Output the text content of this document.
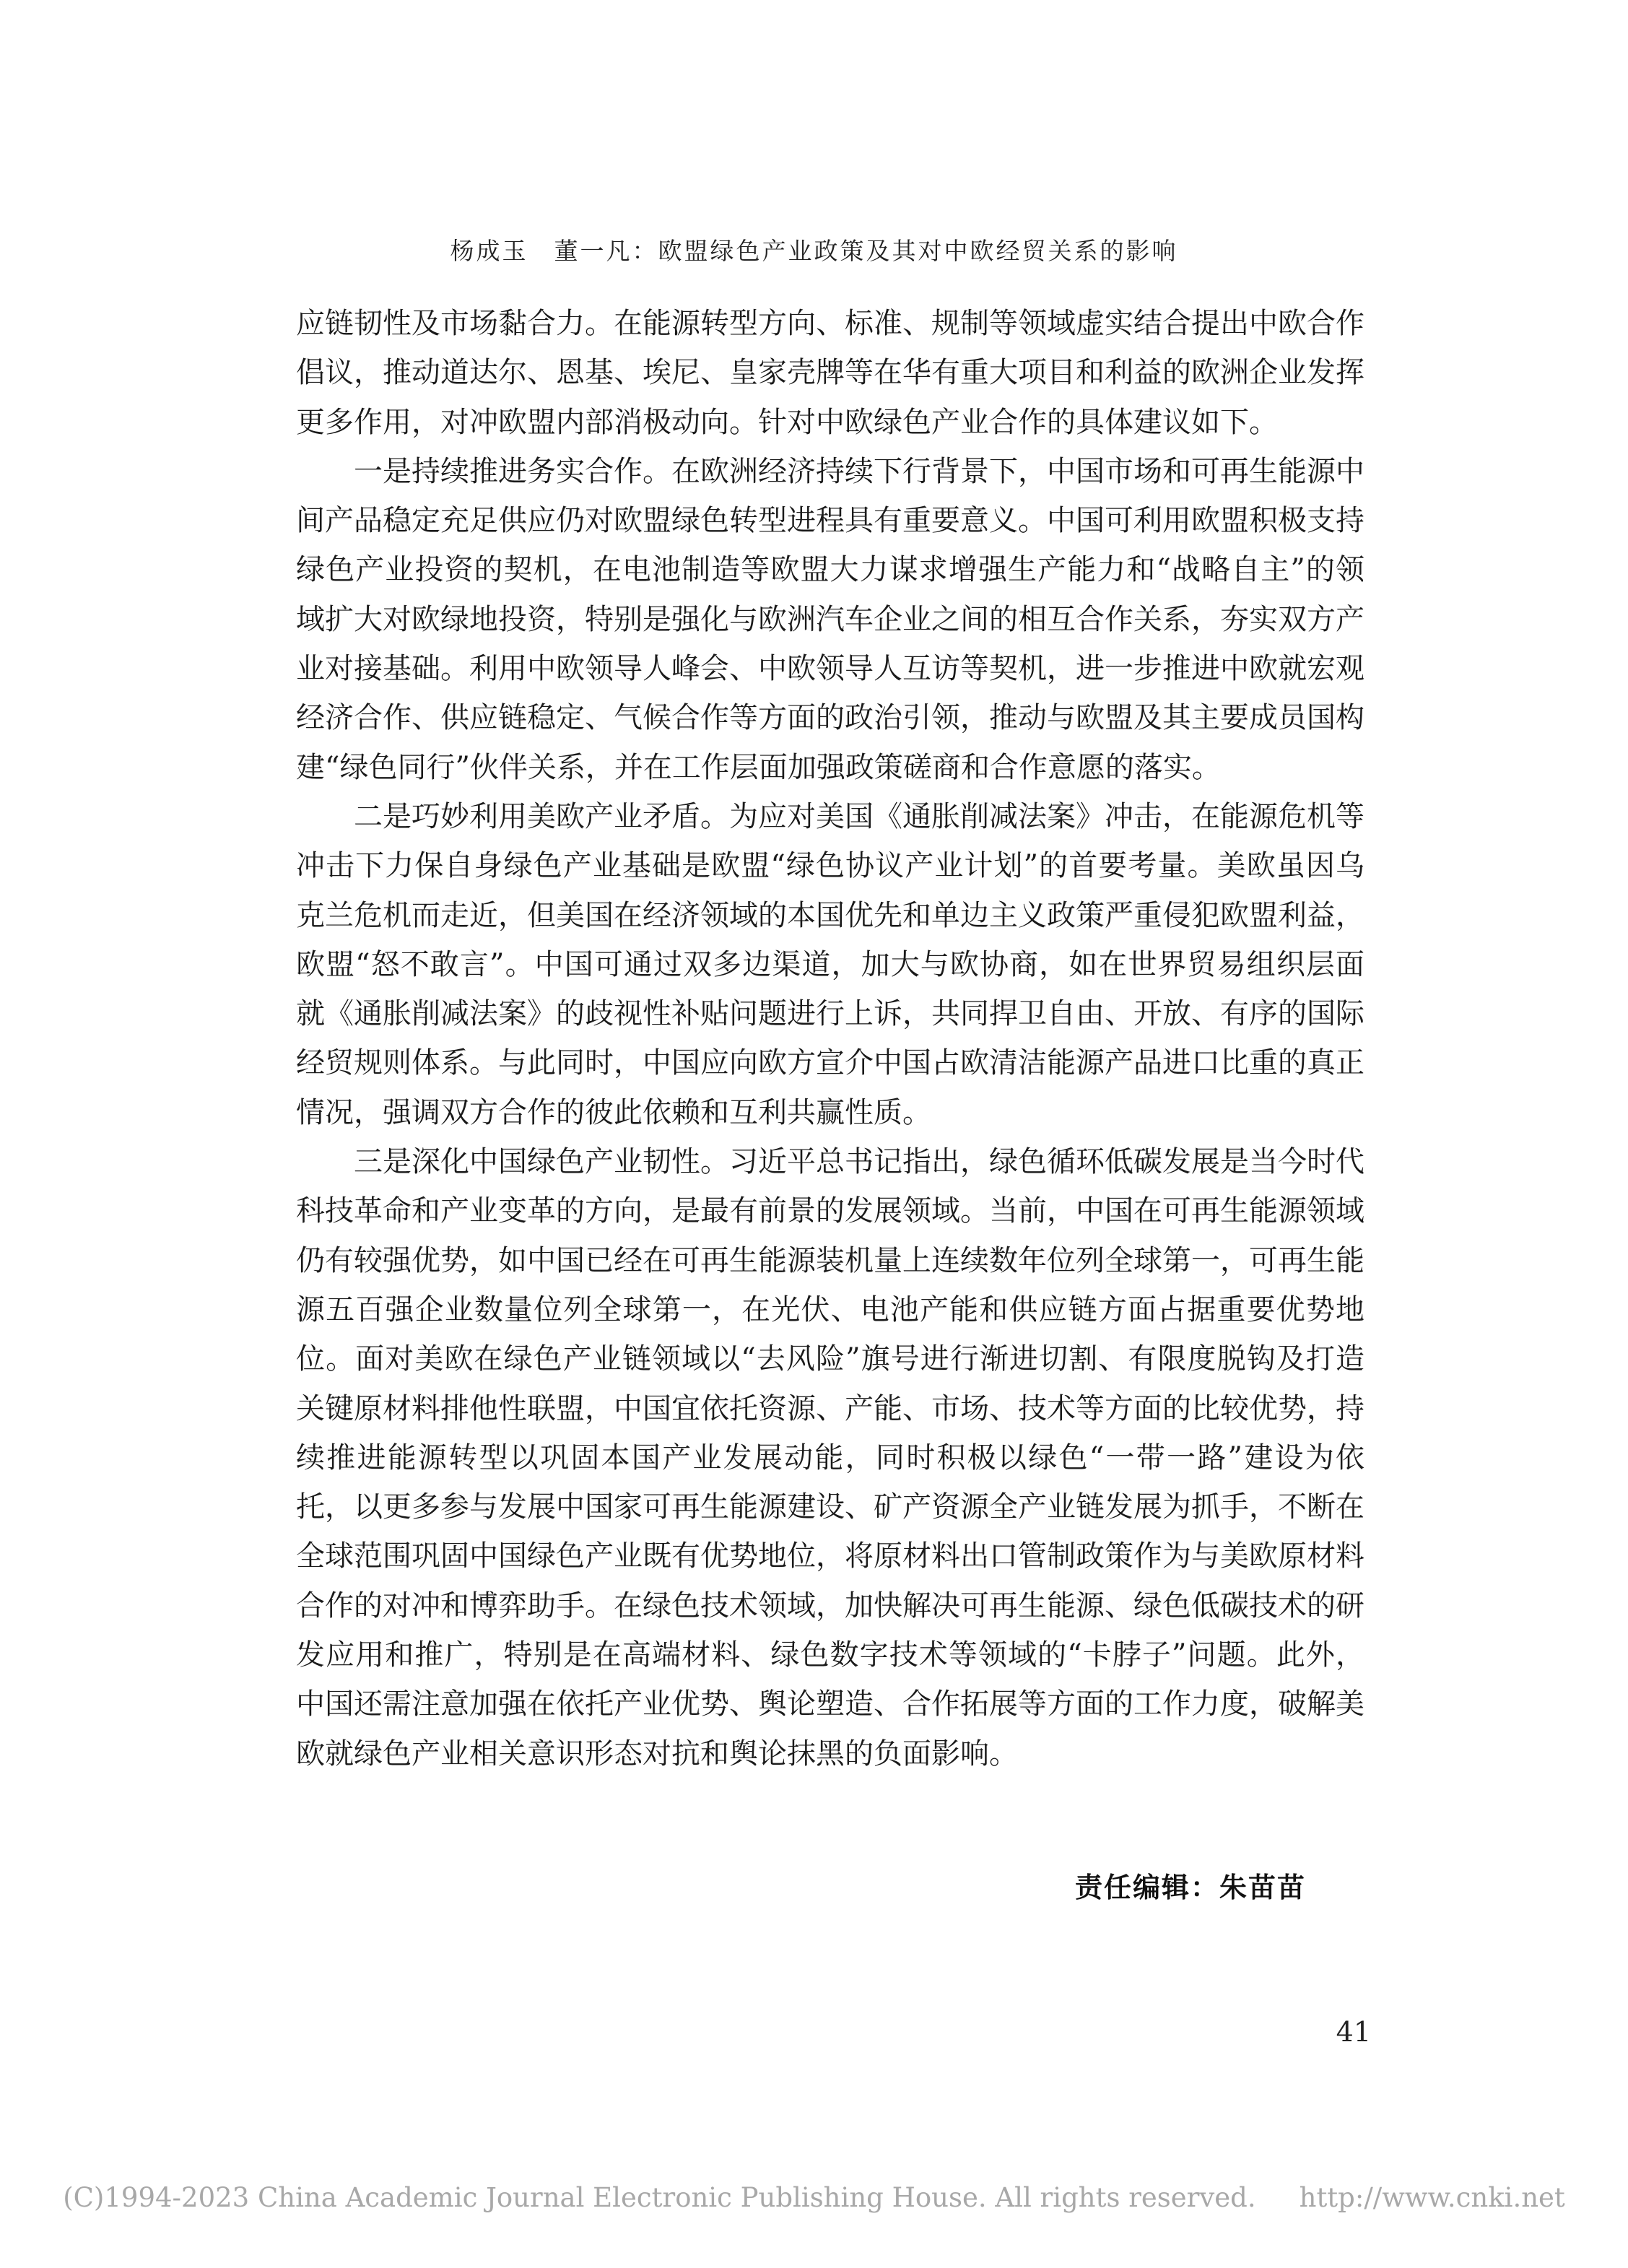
杨成玉　董一凡：欧盟绿色产业政策及其对中欧经贸关系的影响

应链韧性及市场黏合力。在能源转型方向、标准、规制等领域虚实结合提出中欧合作倡议，推动道达尔、恩基、埃尼、皇家壳牌等在华有重大项目和利益的欧洲企业发挥更多作用，对冲欧盟内部消极动向。针对中欧绿色产业合作的具体建议如下。

一是持续推进务实合作。在欧洲经济持续下行背景下，中国市场和可再生能源中间产品稳定充足供应仍对欧盟绿色转型进程具有重要意义。中国可利用欧盟积极支持绿色产业投资的契机，在电池制造等欧盟大力谋求增强生产能力和“战略自主”的领域扩大对欧绿地投资，特别是强化与欧洲汽车企业之间的相互合作关系，夯实双方产业对接基础。利用中欧领导人峰会、中欧领导人互访等契机，进一步推进中欧就宏观经济合作、供应链稳定、气候合作等方面的政治引领，推动与欧盟及其主要成员国构建“绿色同行”伙伴关系，并在工作层面加强政策磋商和合作意愿的落实。

二是巧妙利用美欧产业矛盾。为应对美国《通胀削减法案》冲击，在能源危机等冲击下力保自身绿色产业基础是欧盟“绿色协议产业计划”的首要考量。美欧虽因乌克兰危机而走近，但美国在经济领域的本国优先和单边主义政策严重侵犯欧盟利益，欧盟“怒不敢言”。中国可通过双多边渠道，加大与欧协商，如在世界贸易组织层面就《通胀削减法案》的歧视性补贴问题进行上诉，共同捍卫自由、开放、有序的国际经贸规则体系。与此同时，中国应向欧方宣介中国占欧清洁能源产品进口比重的真正情况，强调双方合作的彼此依赖和互利共赢性质。

三是深化中国绿色产业韧性。习近平总书记指出，绿色循环低碳发展是当今时代科技革命和产业变革的方向，是最有前景的发展领域。当前，中国在可再生能源领域仍有较强优势，如中国已经在可再生能源装机量上连续数年位列全球第一，可再生能源五百强企业数量位列全球第一，在光伏、电池产能和供应链方面占据重要优势地位。面对美欧在绿色产业链领域以“去风险”旗号进行渐进切割、有限度脱钩及打造关键原材料排他性联盟，中国宜依托资源、产能、市场、技术等方面的比较优势，持续推进能源转型以巩固本国产业发展动能，同时积极以绿色“一带一路”建设为依托，以更多参与发展中国家可再生能源建设、矿产资源全产业链发展为抓手，不断在全球范围巩固中国绿色产业既有优势地位，将原材料出口管制政策作为与美欧原材料合作的对冲和博弈助手。在绿色技术领域，加快解决可再生能源、绿色低碳技术的研发应用和推广，特别是在高端材料、绿色数字技术等领域的“卡脖子”问题。此外，中国还需注意加强在依托产业优势、舆论塑造、合作拓展等方面的工作力度，破解美欧就绿色产业相关意识形态对抗和舆论抹黑的负面影响。

责任编辑：朱苗苗
41
(C)1994-2023 China Academic Journal Electronic Publishing House. All rights reserved. http://www.cnki.net
